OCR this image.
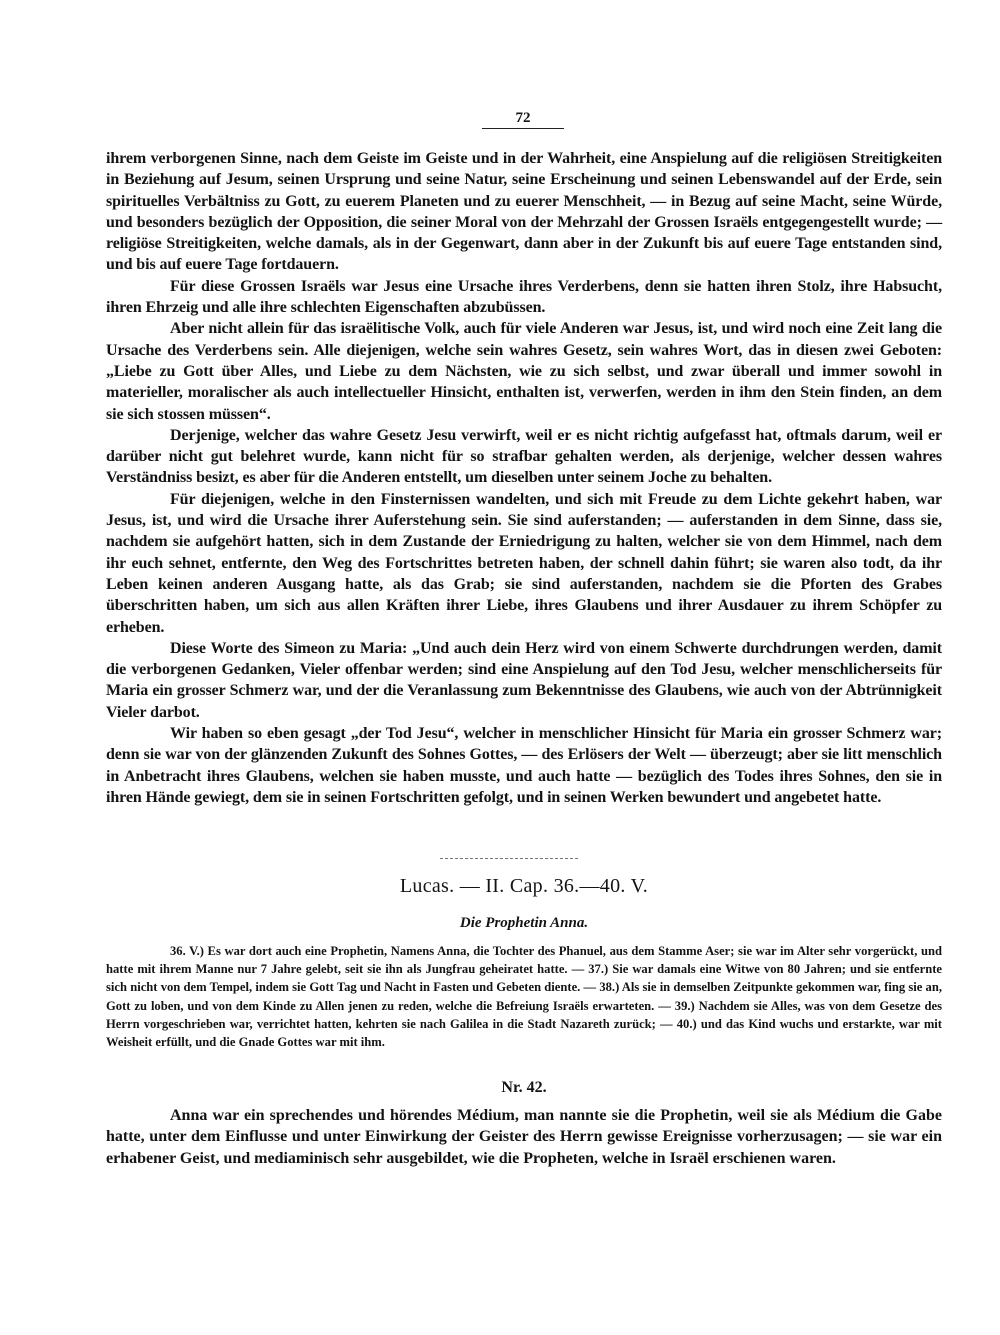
72

ihrem verborgenen Sinne, nach dem Geiste im Geiste und in der Wahrheit, eine Anspielung auf die religiösen Streitigkeiten in Beziehung auf Jesum, seinen Ursprung und seine Natur, seine Erscheinung und seinen Lebenswandel auf der Erde, sein spirituelles Verbältniss zu Gott, zu euerem Planeten und zu euerer Menschheit, — in Bezug auf seine Macht, seine Würde, und besonders bezüglich der Opposition, die seiner Moral von der Mehrzahl der Grossen Israëls entgegengestellt wurde; — religiöse Streitigkeiten, welche damals, als in der Gegenwart, dann aber in der Zukunft bis auf euere Tage entstanden sind, und bis auf euere Tage fortdauern.

Für diese Grossen Israëls war Jesus eine Ursache ihres Verderbens, denn sie hatten ihren Stolz, ihre Habsucht, ihren Ehrzeig und alle ihre schlechten Eigenschaften abzubüssen.

Aber nicht allein für das israëlitische Volk, auch für viele Anderen war Jesus, ist, und wird noch eine Zeit lang die Ursache des Verderbens sein. Alle diejenigen, welche sein wahres Gesetz, sein wahres Wort, das in diesen zwei Geboten: „Liebe zu Gott über Alles, und Liebe zu dem Nächsten, wie zu sich selbst, und zwar überall und immer sowohl in materieller, moralischer als auch intellectueller Hinsicht, enthalten ist, verwerfen, werden in ihm den Stein finden, an dem sie sich stossen müssen“.

Derjenige, welcher das wahre Gesetz Jesu verwirft, weil er es nicht richtig aufgefasst hat, oftmals darum, weil er darüber nicht gut belehret wurde, kann nicht für so strafbar gehalten werden, als derjenige, welcher dessen wahres Verständniss besizt, es aber für die Anderen entstellt, um dieselben unter seinem Joche zu behalten.

Für diejenigen, welche in den Finsternissen wandelten, und sich mit Freude zu dem Lichte gekehrt haben, war Jesus, ist, und wird die Ursache ihrer Auferstehung sein. Sie sind auferstanden; — auferstanden in dem Sinne, dass sie, nachdem sie aufgehört hatten, sich in dem Zustande der Erniedrigung zu halten, welcher sie von dem Himmel, nach dem ihr euch sehnet, entfernte, den Weg des Fortschrittes betreten haben, der schnell dahin führt; sie waren also todt, da ihr Leben keinen anderen Ausgang hatte, als das Grab; sie sind auferstanden, nachdem sie die Pforten des Grabes überschritten haben, um sich aus allen Kräften ihrer Liebe, ihres Glaubens und ihrer Ausdauer zu ihrem Schöpfer zu erheben.

Diese Worte des Simeon zu Maria: „Und auch dein Herz wird von einem Schwerte durchdrungen werden, damit die verborgenen Gedanken, Vieler offenbar werden; sind eine Anspielung auf den Tod Jesu, welcher menschlicherseits für Maria ein grosser Schmerz war, und der die Veranlassung zum Bekenntnisse des Glaubens, wie auch von der Abtrünnigkeit Vieler darbot.

Wir haben so eben gesagt „der Tod Jesu“, welcher in menschlicher Hinsicht für Maria ein grosser Schmerz war; denn sie war von der glänzenden Zukunft des Sohnes Gottes, — des Erlösers der Welt — überzeugt; aber sie litt menschlich in Anbetracht ihres Glaubens, welchen sie haben musste, und auch hatte — bezüglich des Todes ihres Sohnes, den sie in ihren Hände gewiegt, dem sie in seinen Fortschritten gefolgt, und in seinen Werken bewundert und angebetet hatte.

Lucas. — II. Cap. 36.—40. V.
Die Prophetin Anna.

36. V.) Es war dort auch eine Prophetin, Namens Anna, die Tochter des Phanuel, aus dem Stamme Aser; sie war im Alter sehr vorgerückt, und hatte mit ihrem Manne nur 7 Jahre gelebt, seit sie ihn als Jungfrau geheiratet hatte. — 37.) Sie war damals eine Witwe von 80 Jahren; und sie entfernte sich nicht von dem Tempel, indem sie Gott Tag und Nacht in Fasten und Gebeten diente. — 38.) Als sie in demselben Zeitpunkte gekommen war, fing sie an, Gott zu loben, und von dem Kinde zu Allen jenen zu reden, welche die Befreiung Israëls erwarteten. — 39.) Nachdem sie Alles, was von dem Gesetze des Herrn vorgeschrieben war, verrichtet hatten, kehrten sie nach Galilea in die Stadt Nazareth zurück; — 40.) und das Kind wuchs und erstarkte, war mit Weisheit erfüllt, und die Gnade Gottes war mit ihm.

Nr. 42.

Anna war ein sprechendes und hörendes Médium, man nannte sie die Prophetin, weil sie als Médium die Gabe hatte, unter dem Einflusse und unter Einwirkung der Geister des Herrn gewisse Ereignisse vorherzusagen; — sie war ein erhabener Geist, und mediaminisch sehr ausgebildet, wie die Propheten, welche in Israël erschienen waren.
